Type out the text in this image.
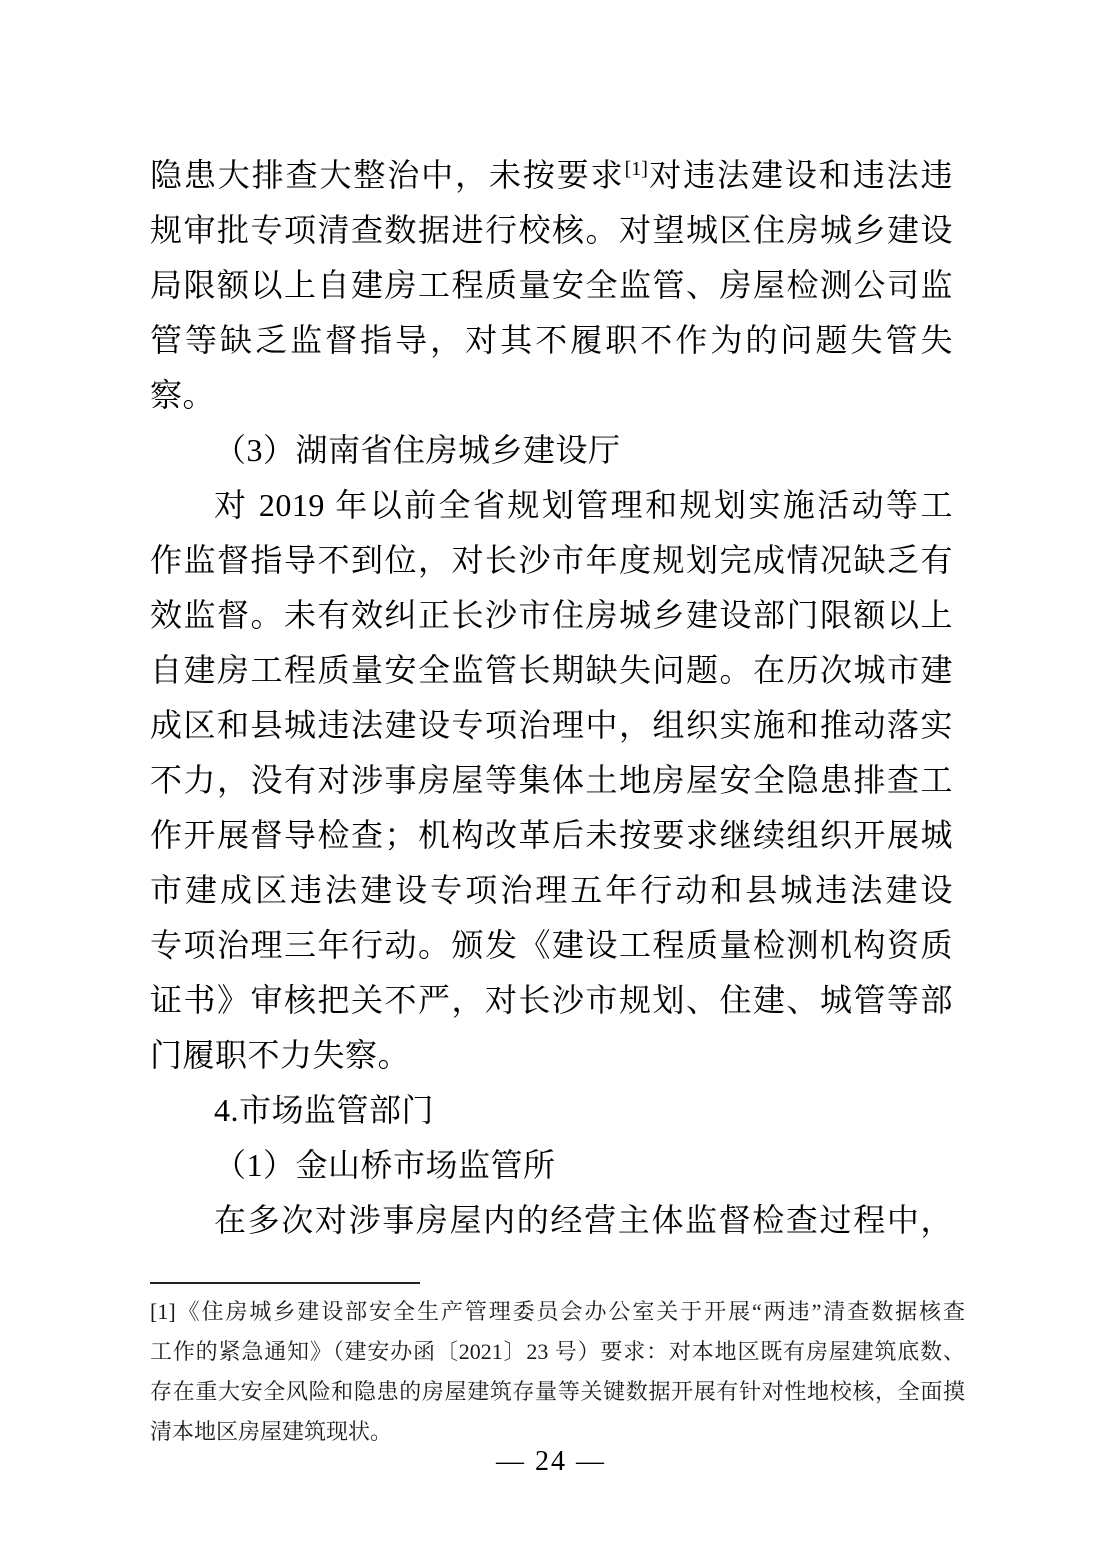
隐患大排查大整治中，未按要求[1]对违法建设和违法违
规审批专项清查数据进行校核。对望城区住房城乡建设
局限额以上自建房工程质量安全监管、房屋检测公司监
管等缺乏监督指导，对其不履职不作为的问题失管失
察。
（3）湖南省住房城乡建设厅
对 2019 年以前全省规划管理和规划实施活动等工
作监督指导不到位，对长沙市年度规划完成情况缺乏有
效监督。未有效纠正长沙市住房城乡建设部门限额以上
自建房工程质量安全监管长期缺失问题。在历次城市建
成区和县城违法建设专项治理中，组织实施和推动落实
不力，没有对涉事房屋等集体土地房屋安全隐患排查工
作开展督导检查；机构改革后未按要求继续组织开展城
市建成区违法建设专项治理五年行动和县城违法建设
专项治理三年行动。颁发《建设工程质量检测机构资质
证书》审核把关不严，对长沙市规划、住建、城管等部
门履职不力失察。
4.市场监管部门
（1）金山桥市场监管所
在多次对涉事房屋内的经营主体监督检查过程中，
[1]《住房城乡建设部安全生产管理委员会办公室关于开展“两违”清查数据核查
工作的紧急通知》（建安办函〔2021〕23 号）要求：对本地区既有房屋建筑底数、
存在重大安全风险和隐患的房屋建筑存量等关键数据开展有针对性地校核，全面摸
清本地区房屋建筑现状。
— 24 —
